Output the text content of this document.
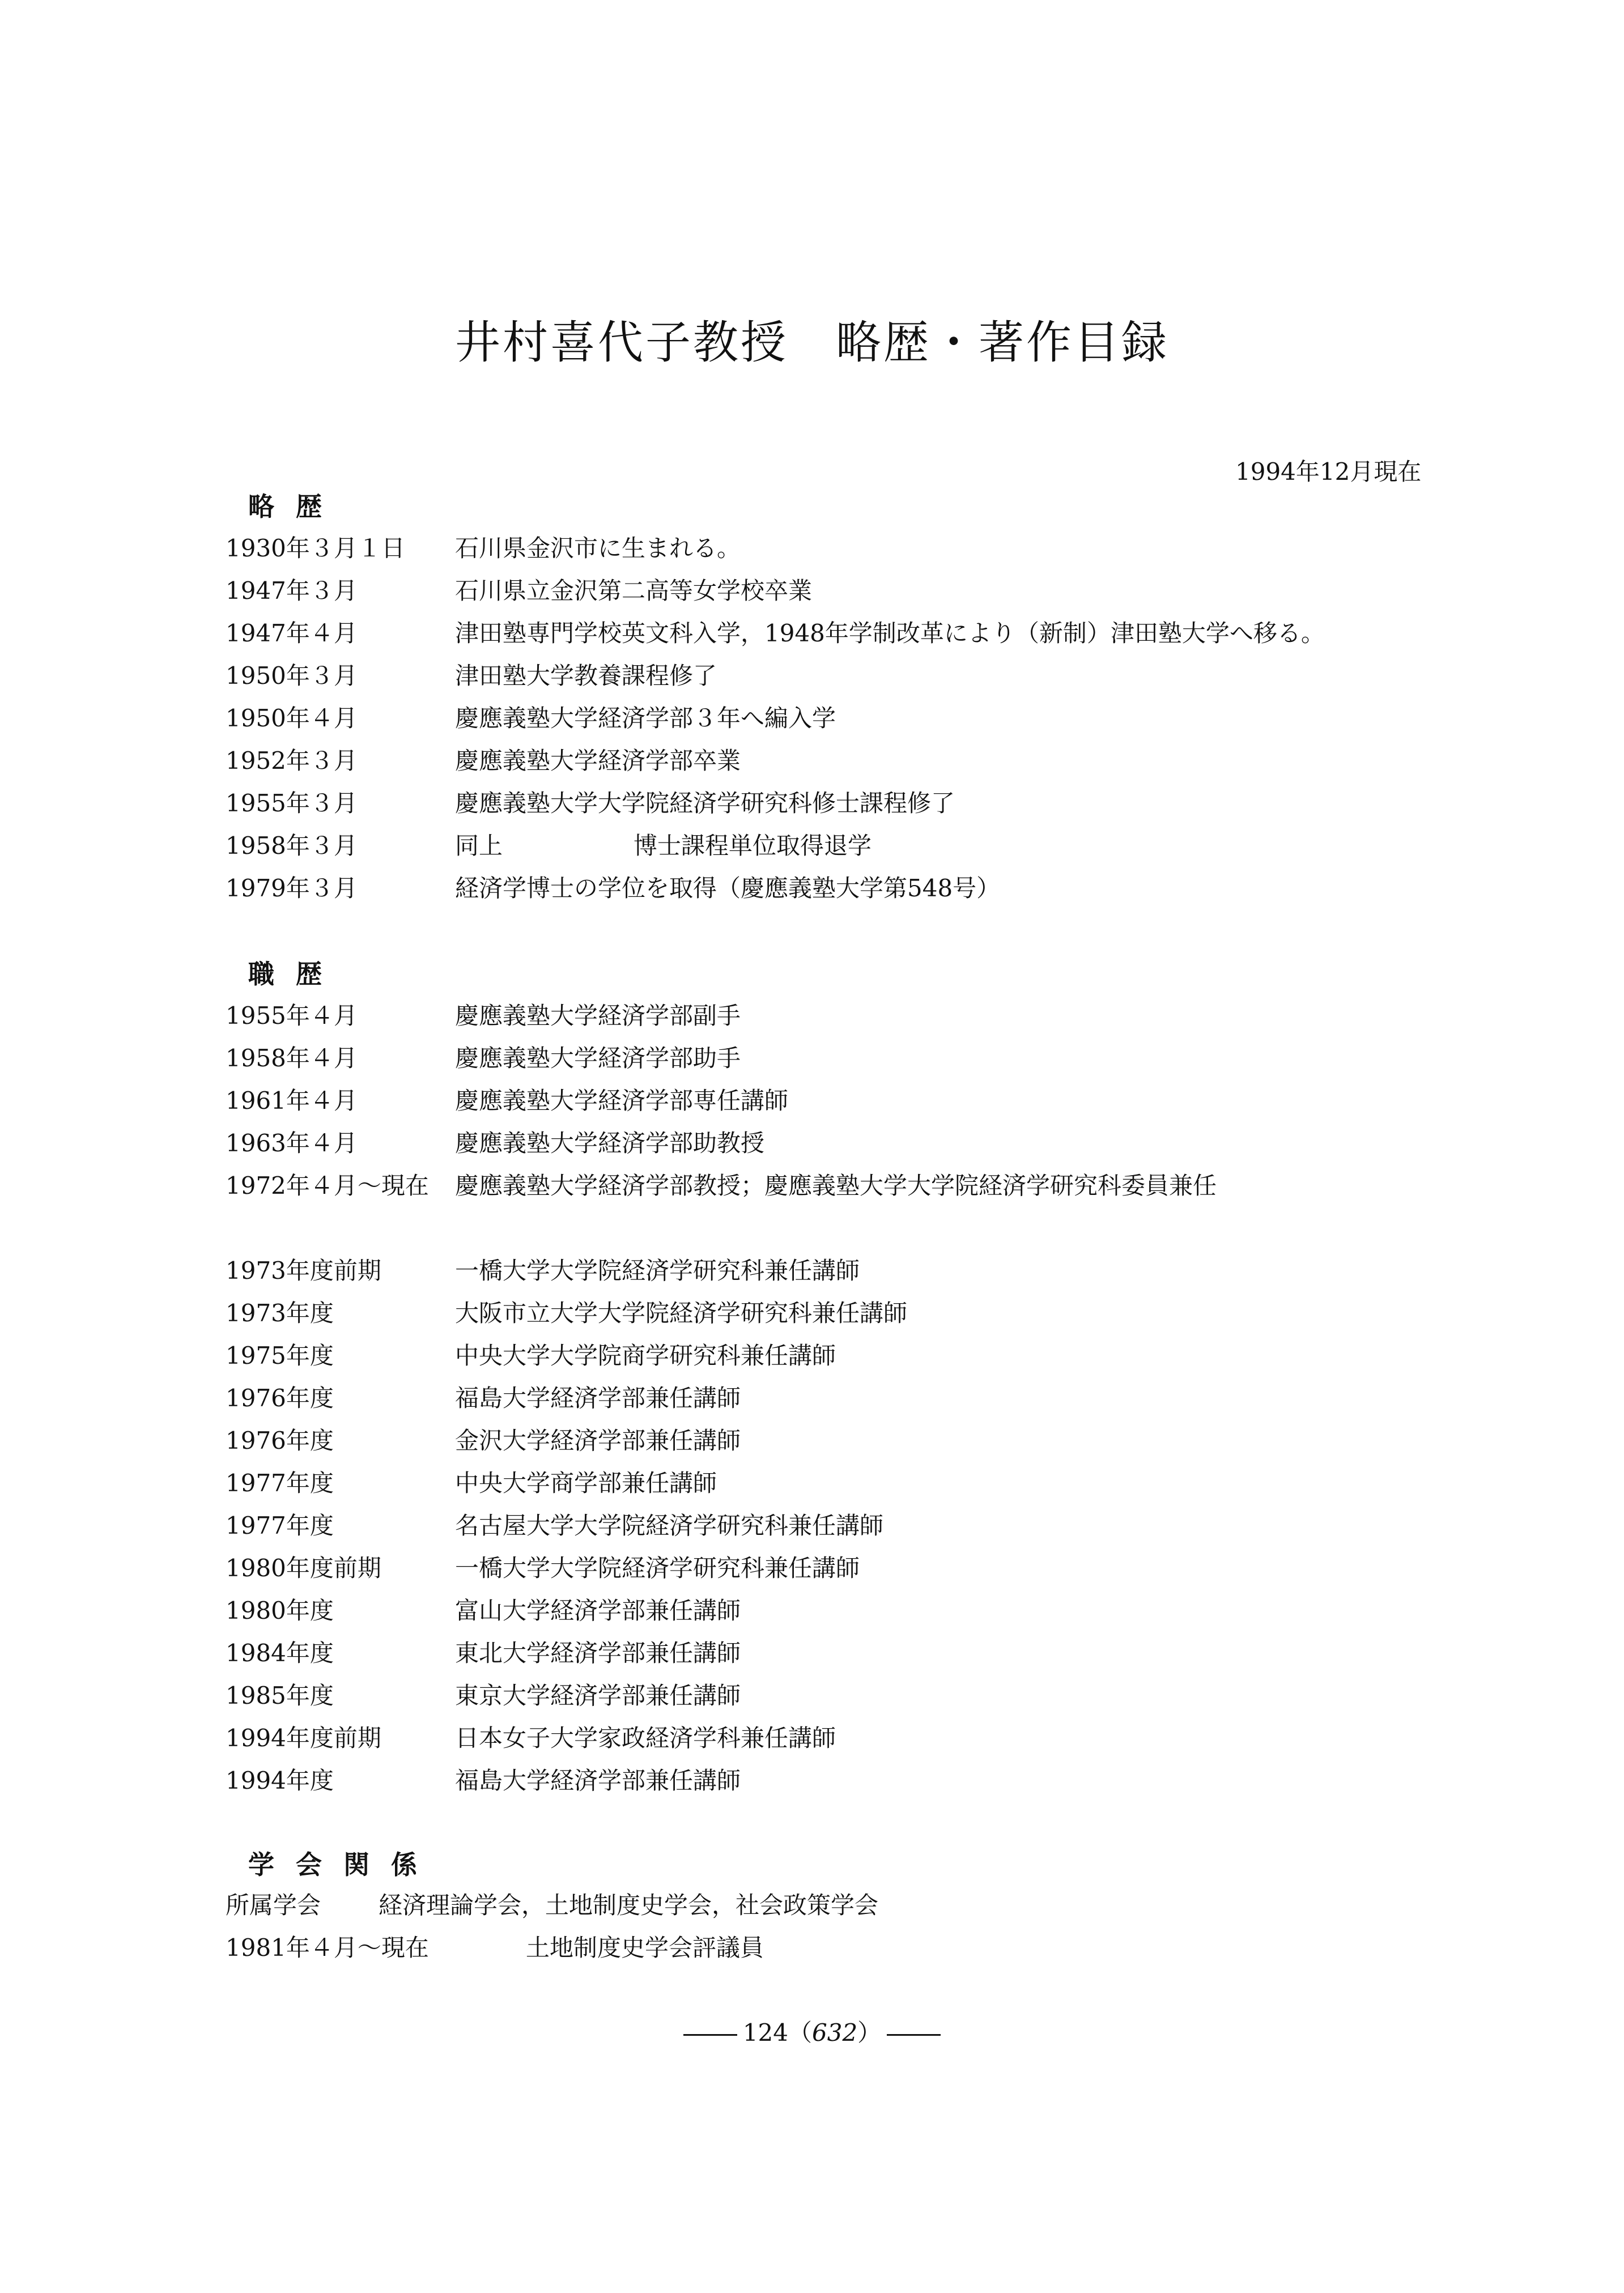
井村喜代子教授　略歴・著作目録
1994年12月現在
略歴
1930年３月１日 石川県金沢市に生まれる。
1947年３月	石川県立金沢第二高等女学校卒業
1947年４月	津田塾専門学校英文科入学，1948年学制改革により（新制）津田塾大学へ移る。
1950年３月	津田塾大学教養課程修了
1950年４月	慶應義塾大学経済学部３年へ編入学
1952年３月	慶應義塾大学経済学部卒業
1955年３月	慶應義塾大学大学院経済学研究科修士課程修了
1958年３月	同上	博士課程単位取得退学
1979年３月	経済学博士の学位を取得（慶應義塾大学第548号）
職歴
1955年４月	慶應義塾大学経済学部副手
1958年４月	慶應義塾大学経済学部助手
1961年４月	慶應義塾大学経済学部専任講師
1963年４月	慶應義塾大学経済学部助教授
1972年４月～現在 慶應義塾大学経済学部教授；慶應義塾大学大学院経済学研究科委員兼任
1973年度前期	一橋大学大学院経済学研究科兼任講師
1973年度	大阪市立大学大学院経済学研究科兼任講師
1975年度	中央大学大学院商学研究科兼任講師
1976年度	福島大学経済学部兼任講師
1976年度	金沢大学経済学部兼任講師
1977年度	中央大学商学部兼任講師
1977年度	名古屋大学大学院経済学研究科兼任講師
1980年度前期	一橋大学大学院経済学研究科兼任講師
1980年度	富山大学経済学部兼任講師
1984年度	東北大学経済学部兼任講師
1985年度	東京大学経済学部兼任講師
1994年度前期	日本女子大学家政経済学科兼任講師
1994年度	福島大学経済学部兼任講師
学会関係
所属学会 経済理論学会，土地制度史学会，社会政策学会
1981年４月～現在	土地制度史学会評議員
124（632）
